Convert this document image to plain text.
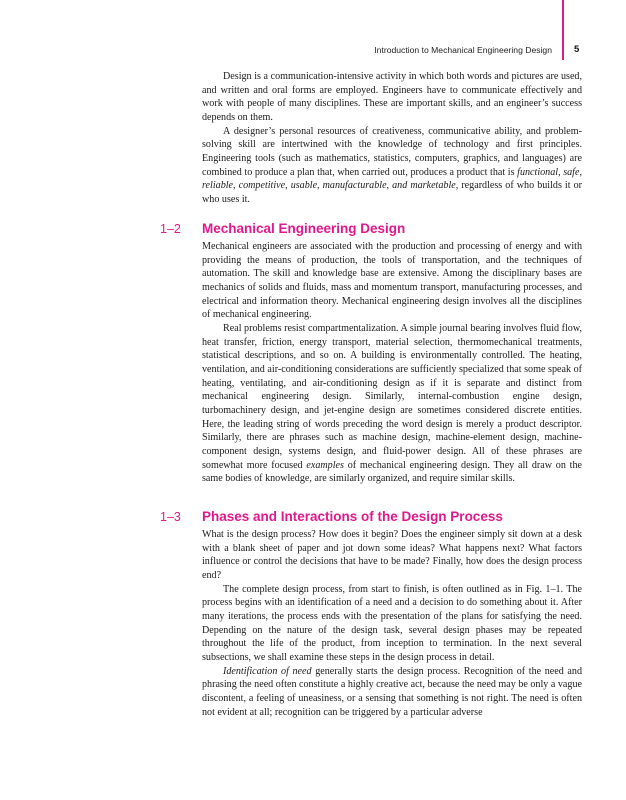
Introduction to Mechanical Engineering Design 5

Design is a communication-intensive activity in which both words and pictures are used, and written and oral forms are employed. Engineers have to communicate effectively and work with people of many disciplines. These are important skills, and an engineer’s success depends on them.

A designer’s personal resources of creativeness, communicative ability, and problem-solving skill are intertwined with the knowledge of technology and first principles. Engineering tools (such as mathematics, statistics, computers, graphics, and languages) are combined to produce a plan that, when carried out, produces a product that is functional, safe, reliable, competitive, usable, manufacturable, and marketable, regardless of who builds it or who uses it.

1–2 Mechanical Engineering Design

Mechanical engineers are associated with the production and processing of energy and with providing the means of production, the tools of transportation, and the techniques of automation. The skill and knowledge base are extensive. Among the disciplinary bases are mechanics of solids and fluids, mass and momentum transport, manufacturing processes, and electrical and information theory. Mechanical engineering design involves all the disciplines of mechanical engineering.

Real problems resist compartmentalization. A simple journal bearing involves fluid flow, heat transfer, friction, energy transport, material selection, thermomechanical treatments, statistical descriptions, and so on. A building is environmentally controlled. The heating, ventilation, and air-conditioning considerations are sufficiently specialized that some speak of heating, ventilating, and air-conditioning design as if it is separate and distinct from mechanical engineering design. Similarly, internal-combustion engine design, turbomachinery design, and jet-engine design are sometimes considered discrete entities. Here, the leading string of words preceding the word design is merely a product descriptor. Similarly, there are phrases such as machine design, machine-element design, machine-component design, systems design, and fluid-power design. All of these phrases are somewhat more focused examples of mechanical engineering design. They all draw on the same bodies of knowledge, are similarly organized, and require similar skills.

1–3 Phases and Interactions of the Design Process

What is the design process? How does it begin? Does the engineer simply sit down at a desk with a blank sheet of paper and jot down some ideas? What happens next? What factors influence or control the decisions that have to be made? Finally, how does the design process end?

The complete design process, from start to finish, is often outlined as in Fig. 1–1. The process begins with an identification of a need and a decision to do something about it. After many iterations, the process ends with the presentation of the plans for satisfying the need. Depending on the nature of the design task, several design phases may be repeated throughout the life of the product, from inception to termination. In the next several subsections, we shall examine these steps in the design process in detail.

Identification of need generally starts the design process. Recognition of the need and phrasing the need often constitute a highly creative act, because the need may be only a vague discontent, a feeling of uneasiness, or a sensing that something is not right. The need is often not evident at all; recognition can be triggered by a particular adverse
